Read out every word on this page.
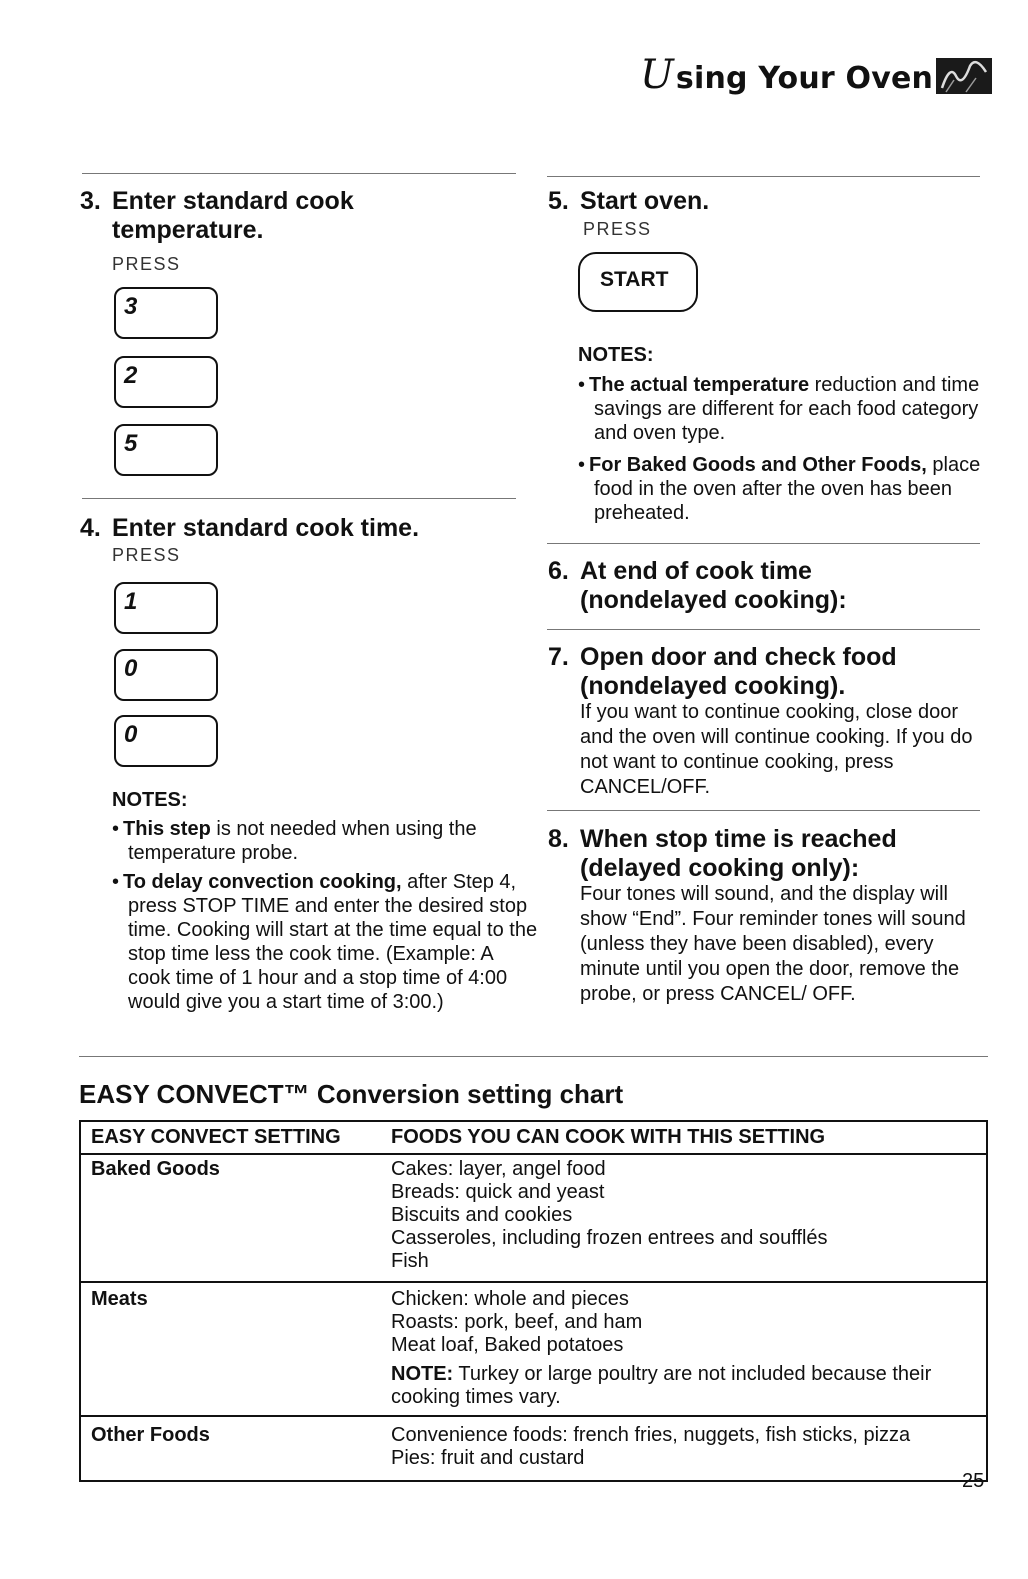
Using Your Oven
3. Enter standard cook
temperature.
PRESS
3
2
5
4. Enter standard cook time.
PRESS
1
0
0
NOTES:
• This step is not needed when using the temperature probe.
• To delay convection cooking, after Step 4, press STOP TIME and enter the desired stop time. Cooking will start at the time equal to the stop time less the cook time. (Example: A cook time of 1 hour and a stop time of 4:00 would give you a start time of 3:00.)
5. Start oven.
PRESS
START
NOTES:
• The actual temperature reduction and time savings are different for each food category and oven type.
• For Baked Goods and Other Foods, place food in the oven after the oven has been preheated.
6. At end of cook time
(nondelayed cooking):
7. Open door and check food
(nondelayed cooking).
If you want to continue cooking, close door and the oven will continue cooking. If you do not want to continue cooking, press CANCEL/OFF.
8. When stop time is reached
(delayed cooking only):
Four tones will sound, and the display will show “End”. Four reminder tones will sound (unless they have been disabled), every minute until you open the door, remove the probe, or press CANCEL/ OFF.
EASY CONVECT™ Conversion setting chart
EASY CONVECT SETTING	FOODS YOU CAN COOK WITH THIS SETTING
Baked Goods	Cakes: layer, angel food
Breads: quick and yeast
Biscuits and cookies
Casseroles, including frozen entrees and soufflés
Fish

Meats	Chicken: whole and pieces
Roasts: pork, beef, and ham
Meat loaf, Baked potatoes
NOTE: Turkey or large poultry are not included because their cooking times vary.

Other Foods	Convenience foods: french fries, nuggets, fish sticks, pizza
Pies: fruit and custard
25
